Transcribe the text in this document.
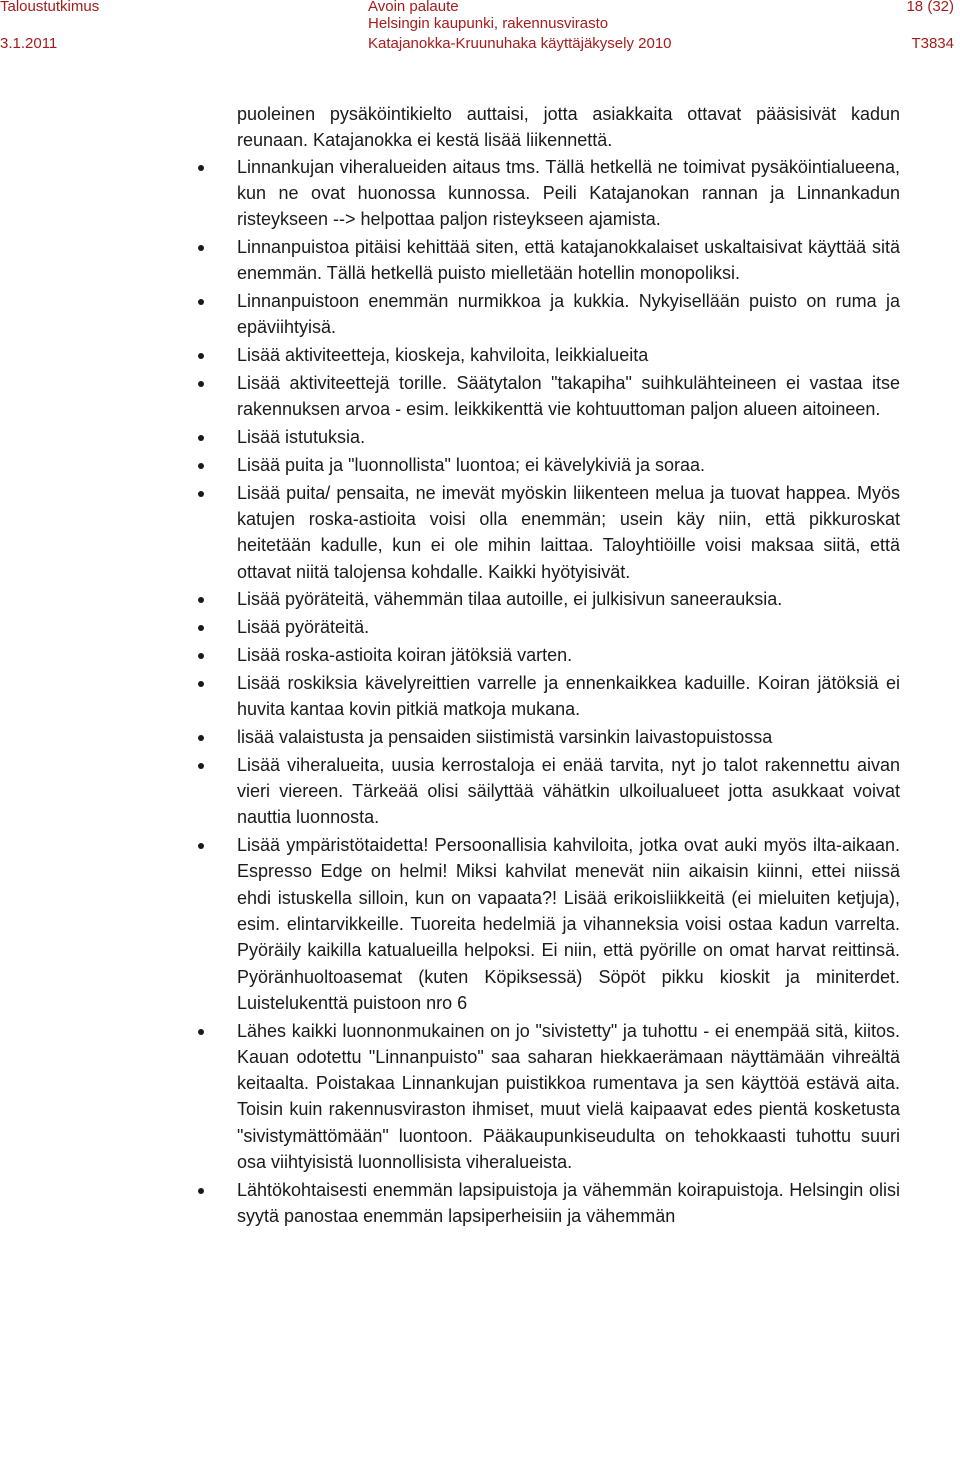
Taloustutkimus
3.1.2011
Avoin palaute
Helsingin kaupunki, rakennusvirasto
Katajanokka-Kruunuhaka käyttäjäkysely 2010
18 (32)
T3834

puoleinen pysäköintikielto auttaisi, jotta asiakkaita ottavat pääsisivät kadun reunaan. Katajanokka ei kestä lisää liikennettä.

Linnankujan viheralueiden aitaus tms. Tällä hetkellä ne toimivat pysäköintialueena, kun ne ovat huonossa kunnossa. Peili Katajanokan rannan ja Linnankadun risteykseen --> helpottaa paljon risteykseen ajamista.
Linnanpuistoa pitäisi kehittää siten, että katajanokkalaiset uskaltaisivat käyttää sitä enemmän. Tällä hetkellä puisto mielletään hotellin monopoliksi.
Linnanpuistoon enemmän nurmikkoa ja kukkia. Nykyisellään puisto on ruma ja epäviihtyisä.
Lisää aktiviteetteja, kioskeja, kahviloita, leikkialueita
Lisää aktiviteettejä torille. Säätytalon "takapiha" suihkulähteineen ei vastaa itse rakennuksen arvoa - esim. leikkikenttä vie kohtuuttoman paljon alueen aitoineen.
Lisää istutuksia.
Lisää puita ja "luonnollista" luontoa; ei kävelykiviä ja soraa.
Lisää puita/ pensaita, ne imevät myöskin liikenteen melua ja tuovat happea. Myös katujen roska-astioita voisi olla enemmän; usein käy niin, että pikkuroskat heitetään kadulle, kun ei ole mihin laittaa. Taloyhtiöille voisi maksaa siitä, että ottavat niitä talojensa kohdalle. Kaikki hyötyisivät.
Lisää pyöräteitä, vähemmän tilaa autoille, ei julkisivun saneerauksia.
Lisää pyöräteitä.
Lisää roska-astioita koiran jätöksiä varten.
Lisää roskiksia kävelyreittien varrelle ja ennenkaikkea kaduille. Koiran jätöksiä ei huvita kantaa kovin pitkiä matkoja mukana.
lisää valaistusta ja pensaiden siistimistä varsinkin laivastopuistossa
Lisää viheralueita, uusia kerrostaloja ei enää tarvita, nyt jo talot rakennettu aivan vieri viereen. Tärkeää olisi säilyttää vähätkin ulkoilualueet jotta asukkaat voivat nauttia luonnosta.
Lisää ympäristötaidetta! Persoonallisia kahviloita, jotka ovat auki myös ilta-aikaan. Espresso Edge on helmi! Miksi kahvilat menevät niin aikaisin kiinni, ettei niissä ehdi istuskella silloin, kun on vapaata?! Lisää erikoisliikkeitä (ei mieluiten ketjuja), esim. elintarvikkeille. Tuoreita hedelmiä ja vihanneksia voisi ostaa kadun varrelta. Pyöräily kaikilla katualueilla helpoksi. Ei niin, että pyörille on omat harvat reittinsä. Pyöränhuoltoasemat (kuten Köpiksessä) Söpöt pikku kioskit ja miniterdet. Luistelukenttä puistoon nro 6
Lähes kaikki luonnonmukainen on jo "sivistetty" ja tuhottu - ei enempää sitä, kiitos. Kauan odotettu "Linnanpuisto" saa saharan hiekkaerämaan näyttämään vihreältä keitaalta. Poistakaa Linnankujan puistikkoa rumentava ja sen käyttöä estävä aita. Toisin kuin rakennusviraston ihmiset, muut vielä kaipaavat edes pientä kosketusta "sivistymättömään" luontoon. Pääkaupunkiseudulta on tehokkaasti tuhottu suuri osa viihtyisistä luonnollisista viheralueista.
Lähtökohtaisesti enemmän lapsipuistoja ja vähemmän koirapuistoja. Helsingin olisi syytä panostaa enemmän lapsiperheisiin ja vähemmän
